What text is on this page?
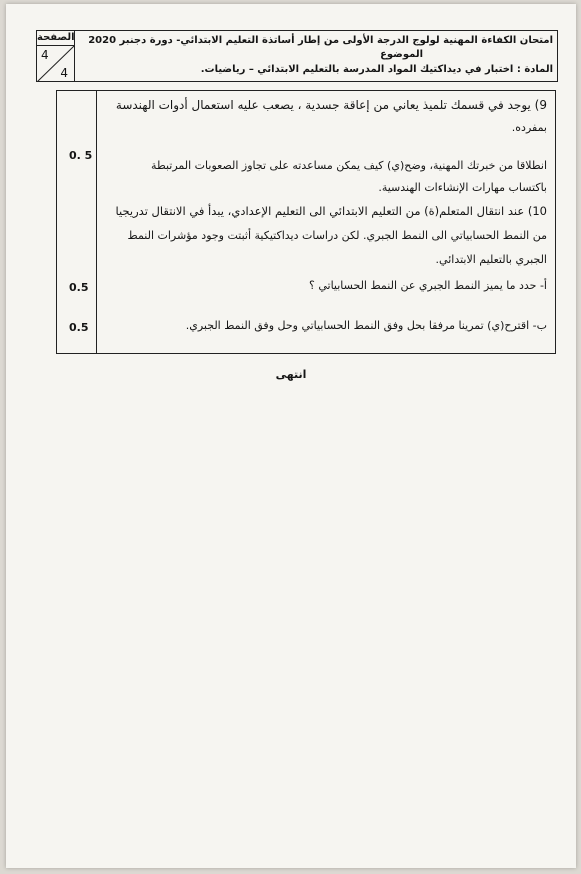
الصفحة
4
4
امتحان الكفاءة المهنية لولوج الدرجة الأولى من إطار أساتذة التعليم الابتدائي- دورة دجنبر 2020
الموضوع
المادة : اختبار في ديداكتيك المواد المدرسة بالتعليم الابتدائي – رياضيات.
0. 5
0.5
0.5
9) يوجد في قسمك تلميذ يعاني من إعاقة جسدية ، يصعب عليه استعمال أدوات الهندسة
بمفرده.
انطلاقا من خبرتك المهنية، وضح(ي) كيف يمكن مساعدته على تجاوز الصعوبات المرتبطة
باكتساب مهارات الإنشاءات الهندسية.
10) عند انتقال المتعلم(ة) من التعليم الابتدائي الى التعليم الإعدادي، يبدأ في الانتقال تدريجيا
من النمط الحسابياتي الى النمط الجبري. لكن دراسات ديداكتيكية أثبتت وجود مؤشرات النمط
الجبري بالتعليم الابتدائي.
أ- حدد ما يميز النمط الجبري عن النمط الحسابياتي ؟
ب- اقترح(ي) تمرينا مرفقا بحل وفق النمط الحسابياتي وحل وفق النمط الجبري.
انتهى
